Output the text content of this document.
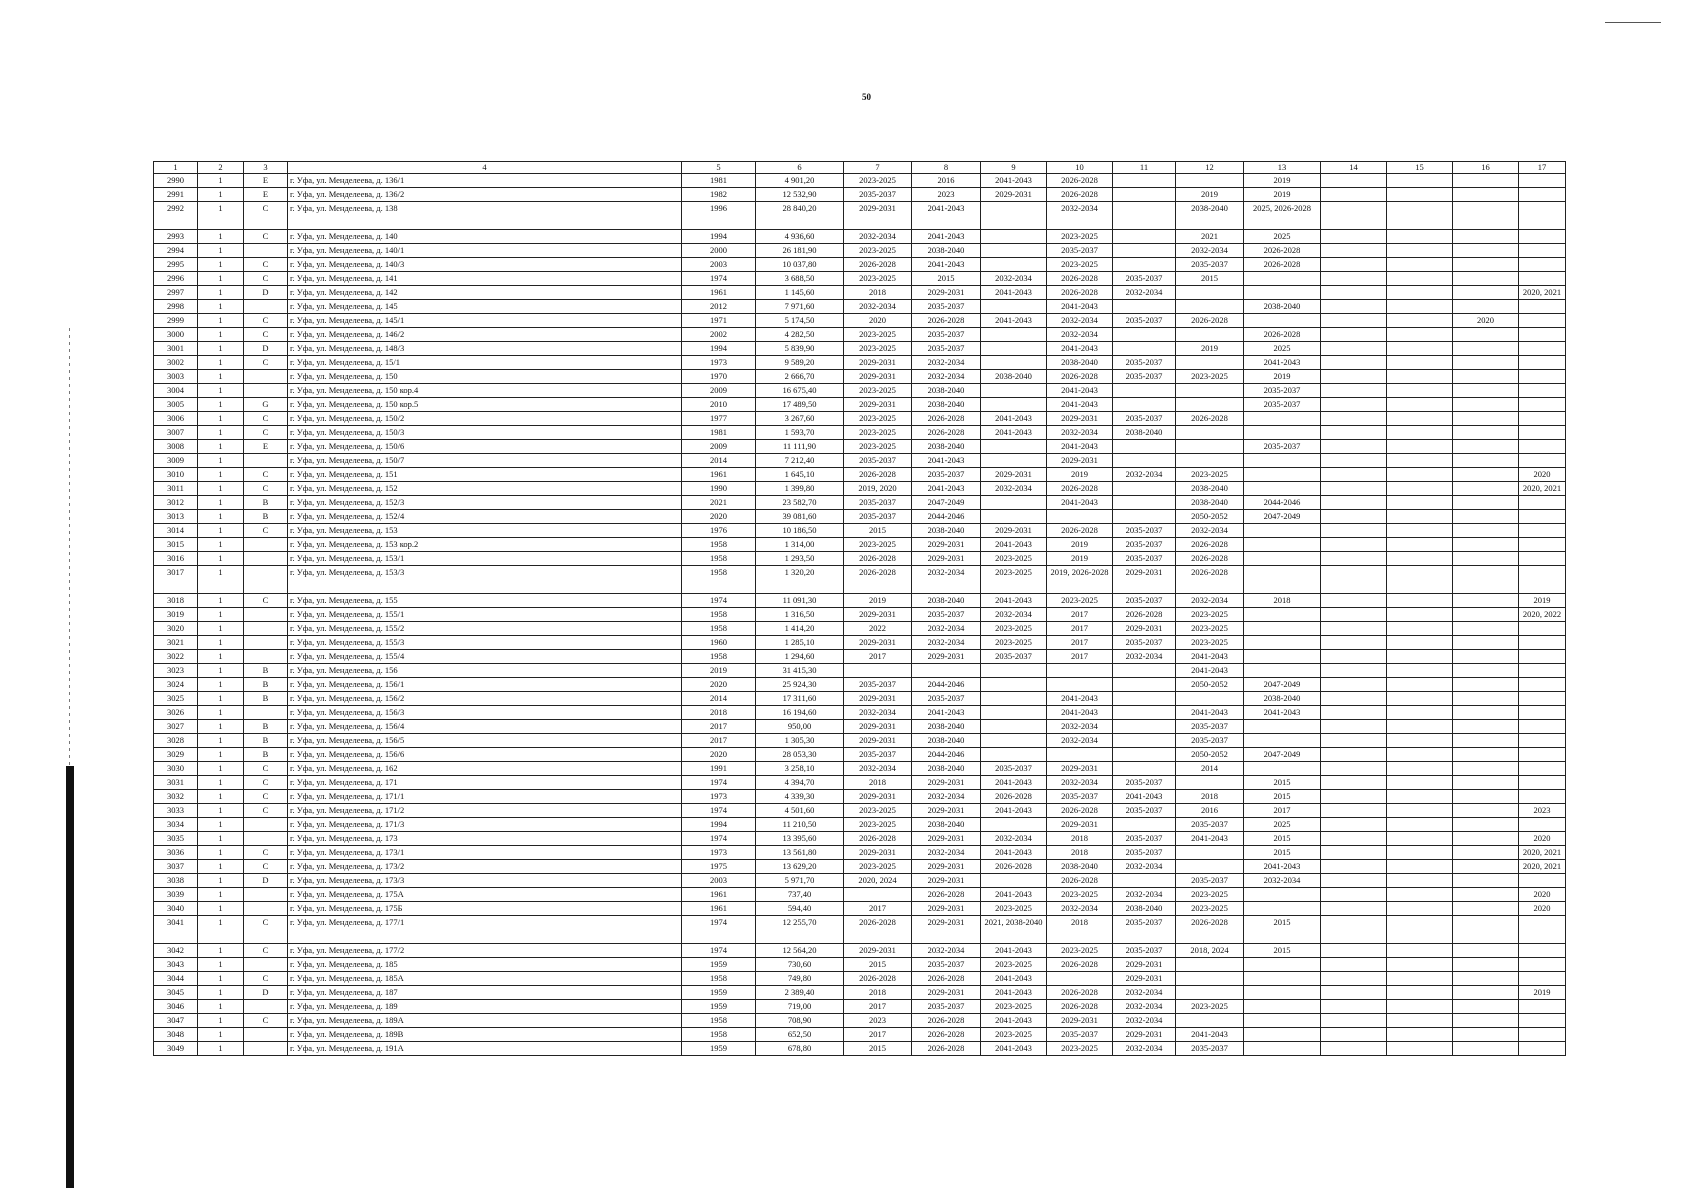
50
1	2	3	4	5	6	7	8	9	10	11	12	13	14	15	16	17
2990	1	E	г. Уфа, ул. Менделеева, д. 136/1	1981	4 901,20	2023-2025	2016	2041-2043	2026-2028			2019				
2991	1	E	г. Уфа, ул. Менделеева, д. 136/2	1982	12 532,90	2035-2037	2023	2029-2031	2026-2028		2019	2019				
2992	1	C	г. Уфа, ул. Менделеева, д. 138	1996	28 840,20	2029-2031	2041-2043		2032-2034		2038-2040	2025, 2026-2028				
2993	1	C	г. Уфа, ул. Менделеева, д. 140	1994	4 936,60	2032-2034	2041-2043		2023-2025		2021	2025				
2994	1		г. Уфа, ул. Менделеева, д. 140/1	2000	26 181,90	2023-2025	2038-2040		2035-2037		2032-2034	2026-2028				
2995	1	C	г. Уфа, ул. Менделеева, д. 140/3	2003	10 037,80	2026-2028	2041-2043		2023-2025		2035-2037	2026-2028				
2996	1	C	г. Уфа, ул. Менделеева, д. 141	1974	3 688,50	2023-2025	2015	2032-2034	2026-2028	2035-2037	2015					
2997	1	D	г. Уфа, ул. Менделеева, д. 142	1961	1 145,60	2018	2029-2031	2041-2043	2026-2028	2032-2034						2020, 2021
2998	1		г. Уфа, ул. Менделеева, д. 145	2012	7 971,60	2032-2034	2035-2037		2041-2043			2038-2040				
2999	1	C	г. Уфа, ул. Менделеева, д. 145/1	1971	5 174,50	2020	2026-2028	2041-2043	2032-2034	2035-2037	2026-2028				2020	
3000	1	C	г. Уфа, ул. Менделеева, д. 146/2	2002	4 282,50	2023-2025	2035-2037		2032-2034			2026-2028				
3001	1	D	г. Уфа, ул. Менделеева, д. 148/3	1994	5 839,90	2023-2025	2035-2037		2041-2043		2019	2025				
3002	1	C	г. Уфа, ул. Менделеева, д. 15/1	1973	9 589,20	2029-2031	2032-2034		2038-2040	2035-2037		2041-2043				
3003	1		г. Уфа, ул. Менделеева, д. 150	1970	2 666,70	2029-2031	2032-2034	2038-2040	2026-2028	2035-2037	2023-2025	2019				
3004	1		г. Уфа, ул. Менделеева, д. 150 кор.4	2009	16 675,40	2023-2025	2038-2040		2041-2043			2035-2037				
3005	1	G	г. Уфа, ул. Менделеева, д. 150 кор.5	2010	17 489,50	2029-2031	2038-2040		2041-2043			2035-2037				
3006	1	C	г. Уфа, ул. Менделеева, д. 150/2	1977	3 267,60	2023-2025	2026-2028	2041-2043	2029-2031	2035-2037	2026-2028					
3007	1	C	г. Уфа, ул. Менделеева, д. 150/3	1981	1 593,70	2023-2025	2026-2028	2041-2043	2032-2034	2038-2040						
3008	1	E	г. Уфа, ул. Менделеева, д. 150/6	2009	11 111,90	2023-2025	2038-2040		2041-2043			2035-2037				
3009	1		г. Уфа, ул. Менделеева, д. 150/7	2014	7 212,40	2035-2037	2041-2043		2029-2031							
3010	1	C	г. Уфа, ул. Менделеева, д. 151	1961	1 645,10	2026-2028	2035-2037	2029-2031	2019	2032-2034	2023-2025					2020
3011	1	C	г. Уфа, ул. Менделеева, д. 152	1990	1 399,80	2019, 2020	2041-2043	2032-2034	2026-2028		2038-2040					2020, 2021
3012	1	B	г. Уфа, ул. Менделеева, д. 152/3	2021	23 582,70	2035-2037	2047-2049		2041-2043		2038-2040	2044-2046				
3013	1	B	г. Уфа, ул. Менделеева, д. 152/4	2020	39 081,60	2035-2037	2044-2046				2050-2052	2047-2049				
3014	1	C	г. Уфа, ул. Менделеева, д. 153	1976	10 186,50	2015	2038-2040	2029-2031	2026-2028	2035-2037	2032-2034					
3015	1		г. Уфа, ул. Менделеева, д. 153 кор.2	1958	1 314,00	2023-2025	2029-2031	2041-2043	2019	2035-2037	2026-2028					
3016	1		г. Уфа, ул. Менделеева, д. 153/1	1958	1 293,50	2026-2028	2029-2031	2023-2025	2019	2035-2037	2026-2028					
3017	1		г. Уфа, ул. Менделеева, д. 153/3	1958	1 320,20	2026-2028	2032-2034	2023-2025	2019, 2026-2028	2029-2031	2026-2028					
3018	1	C	г. Уфа, ул. Менделеева, д. 155	1974	11 091,30	2019	2038-2040	2041-2043	2023-2025	2035-2037	2032-2034	2018				2019
3019	1		г. Уфа, ул. Менделеева, д. 155/1	1958	1 316,50	2029-2031	2035-2037	2032-2034	2017	2026-2028	2023-2025					2020, 2022
3020	1		г. Уфа, ул. Менделеева, д. 155/2	1958	1 414,20	2022	2032-2034	2023-2025	2017	2029-2031	2023-2025					
3021	1		г. Уфа, ул. Менделеева, д. 155/3	1960	1 285,10	2029-2031	2032-2034	2023-2025	2017	2035-2037	2023-2025					
3022	1		г. Уфа, ул. Менделеева, д. 155/4	1958	1 294,60	2017	2029-2031	2035-2037	2017	2032-2034	2041-2043					
3023	1	B	г. Уфа, ул. Менделеева, д. 156	2019	31 415,30						2041-2043					
3024	1	B	г. Уфа, ул. Менделеева, д. 156/1	2020	25 924,30	2035-2037	2044-2046				2050-2052	2047-2049				
3025	1	B	г. Уфа, ул. Менделеева, д. 156/2	2014	17 311,60	2029-2031	2035-2037		2041-2043			2038-2040				
3026	1		г. Уфа, ул. Менделеева, д. 156/3	2018	16 194,60	2032-2034	2041-2043		2041-2043		2041-2043	2041-2043				
3027	1	B	г. Уфа, ул. Менделеева, д. 156/4	2017	950,00	2029-2031	2038-2040		2032-2034		2035-2037					
3028	1	B	г. Уфа, ул. Менделеева, д. 156/5	2017	1 305,30	2029-2031	2038-2040		2032-2034		2035-2037					
3029	1	B	г. Уфа, ул. Менделеева, д. 156/6	2020	28 053,30	2035-2037	2044-2046				2050-2052	2047-2049				
3030	1	C	г. Уфа, ул. Менделеева, д. 162	1991	3 258,10	2032-2034	2038-2040	2035-2037	2029-2031		2014					
3031	1	C	г. Уфа, ул. Менделеева, д. 171	1974	4 394,70	2018	2029-2031	2041-2043	2032-2034	2035-2037		2015				
3032	1	C	г. Уфа, ул. Менделеева, д. 171/1	1973	4 339,30	2029-2031	2032-2034	2026-2028	2035-2037	2041-2043	2018	2015				
3033	1	C	г. Уфа, ул. Менделеева, д. 171/2	1974	4 501,60	2023-2025	2029-2031	2041-2043	2026-2028	2035-2037	2016	2017				2023
3034	1		г. Уфа, ул. Менделеева, д. 171/3	1994	11 210,50	2023-2025	2038-2040		2029-2031		2035-2037	2025				
3035	1		г. Уфа, ул. Менделеева, д. 173	1974	13 395,60	2026-2028	2029-2031	2032-2034	2018	2035-2037	2041-2043	2015				2020
3036	1	C	г. Уфа, ул. Менделеева, д. 173/1	1973	13 561,80	2029-2031	2032-2034	2041-2043	2018	2035-2037		2015				2020, 2021
3037	1	C	г. Уфа, ул. Менделеева, д. 173/2	1975	13 629,20	2023-2025	2029-2031	2026-2028	2038-2040	2032-2034		2041-2043				2020, 2021
3038	1	D	г. Уфа, ул. Менделеева, д. 173/3	2003	5 971,70	2020, 2024	2029-2031		2026-2028		2035-2037	2032-2034				
3039	1		г. Уфа, ул. Менделеева, д. 175А	1961	737,40		2026-2028	2041-2043	2023-2025	2032-2034	2023-2025					2020
3040	1		г. Уфа, ул. Менделеева, д. 175Б	1961	594,40	2017	2029-2031	2023-2025	2032-2034	2038-2040	2023-2025					2020
3041	1	C	г. Уфа, ул. Менделеева, д. 177/1	1974	12 255,70	2026-2028	2029-2031	2021, 2038-2040	2018	2035-2037	2026-2028	2015				
3042	1	C	г. Уфа, ул. Менделеева, д. 177/2	1974	12 564,20	2029-2031	2032-2034	2041-2043	2023-2025	2035-2037	2018, 2024	2015				
3043	1		г. Уфа, ул. Менделеева, д. 185	1959	730,60	2015	2035-2037	2023-2025	2026-2028	2029-2031						
3044	1	C	г. Уфа, ул. Менделеева, д. 185А	1958	749,80	2026-2028	2026-2028	2041-2043		2029-2031						
3045	1	D	г. Уфа, ул. Менделеева, д. 187	1959	2 389,40	2018	2029-2031	2041-2043	2026-2028	2032-2034						2019
3046	1		г. Уфа, ул. Менделеева, д. 189	1959	719,00	2017	2035-2037	2023-2025	2026-2028	2032-2034	2023-2025					
3047	1	C	г. Уфа, ул. Менделеева, д. 189А	1958	708,90	2023	2026-2028	2041-2043	2029-2031	2032-2034						
3048	1		г. Уфа, ул. Менделеева, д. 189В	1958	652,50	2017	2026-2028	2023-2025	2035-2037	2029-2031	2041-2043					
3049	1		г. Уфа, ул. Менделеева, д. 191А	1959	678,80	2015	2026-2028	2041-2043	2023-2025	2032-2034	2035-2037					
